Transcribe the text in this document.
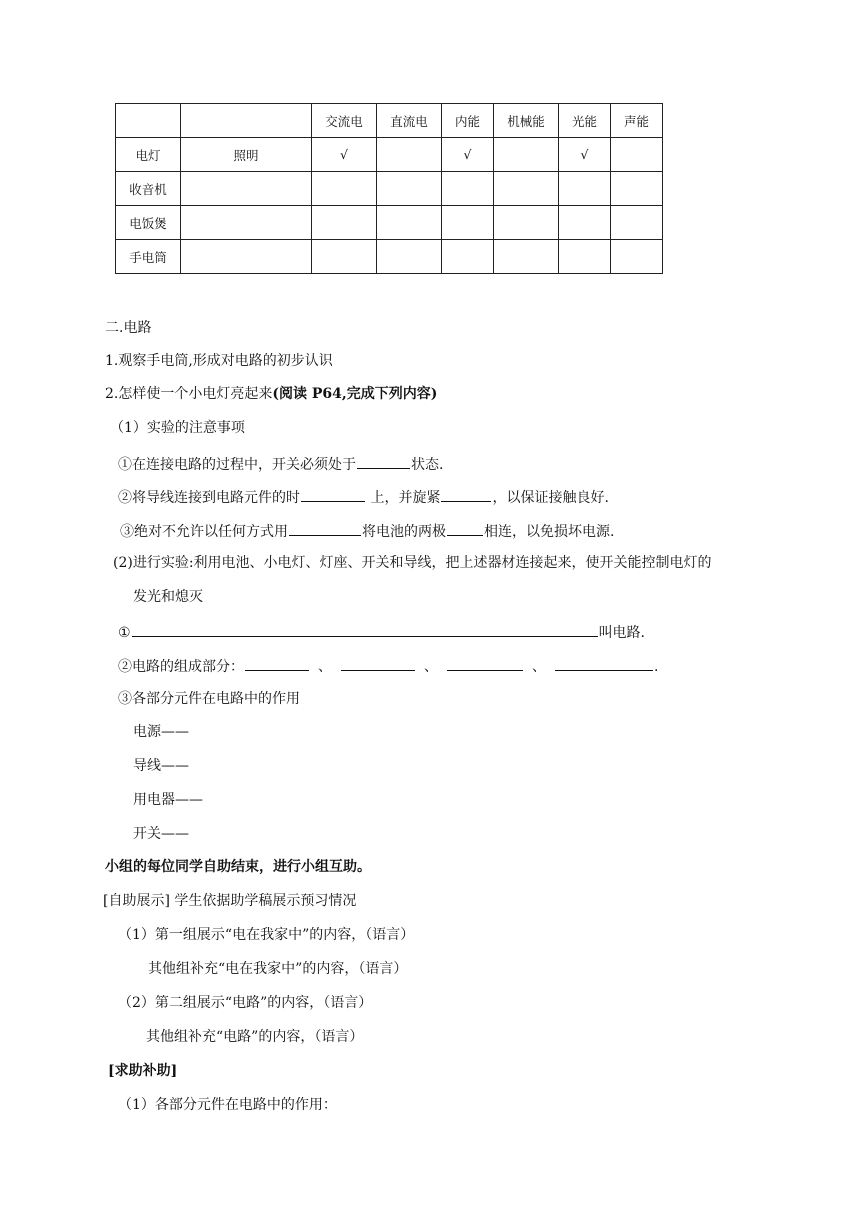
		交流电	直流电	内能	机械能	光能	声能
电灯	照明	√		√		√	
收音机							
电饭煲							
手电筒							
二.电路
1.观察手电筒,形成对电路的初步认识
2.怎样使一个小电灯亮起来(阅读 P64,完成下列内容)
（1）实验的注意事项
①在连接电路的过程中，开关必须处于	状态.
②将导线连接到电路元件的时	上，并旋紧	，以保证接触良好.
③绝对不允许以任何方式用	将电池的两极	相连，以免损坏电源.
(2)进行实验:利用电池、小电灯、灯座、开关和导线，把上述器材连接起来，使开关能控制电灯的
发光和熄灭
①	叫电路.
②电路的组成部分：	、	、	、	.
③各部分元件在电路中的作用
电源——
导线——
用电器——
开关——
小组的每位同学自助结束，进行小组互助。
[自助展示] 学生依据助学稿展示预习情况
（1）第一组展示“电在我家中”的内容，（语言）
其他组补充“电在我家中”的内容，（语言）
（2）第二组展示“电路”的内容，（语言）
其他组补充“电路”的内容，（语言）
[求助补助]
（1）各部分元件在电路中的作用：
